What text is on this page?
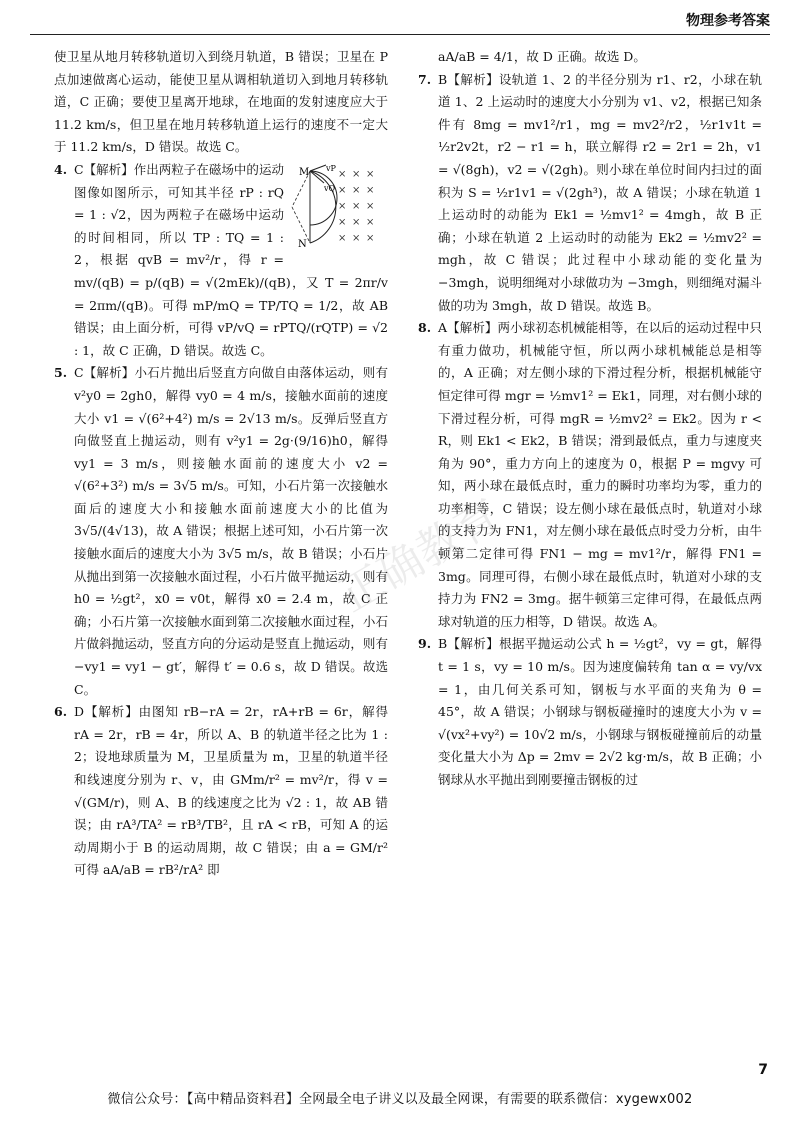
物理参考答案
正确教育

使卫星从地月转移轨道切入到绕月轨道，B 错误；卫星在 P 点加速做离心运动，能使卫星从调相轨道切入到地月转移轨道，C 正确；要使卫星离开地球，在地面的发射速度应大于 11.2 km/s，但卫星在地月转移轨道上运行的速度不一定大于 11.2 km/s，D 错误。故选 C。

4.	M
N
vP
vQ
× × ×
× × ×
× × ×
× × ×
× × ×

C【解析】作出两粒子在磁场中的运动图像如图所示，可知其半径 rP : rQ = 1 : √2，因为两粒子在磁场中运动的时间相同，所以 TP : TQ = 1 : 2，根据 qvB = mv²/r，得 r = mv/(qB) = p/(qB) = √(2mEk)/(qB)，又 T = 2πr/v = 2πm/(qB)。可得 mP/mQ = TP/TQ = 1/2，故 AB 错误；由上面分析，可得 vP/vQ = rPTQ/(rQTP) = √2 : 1，故 C 正确，D 错误。故选 C。

5. C【解析】小石片抛出后竖直方向做自由落体运动，则有 v²y0 = 2gh0，解得 vy0 = 4 m/s，接触水面前的速度大小 v1 = √(6²+4²) m/s = 2√13 m/s。反弹后竖直方向做竖直上抛运动，则有 v²y1 = 2g·(9/16)h0，解得 vy1 = 3 m/s，则接触水面前的速度大小 v2 = √(6²+3²) m/s = 3√5 m/s。可知，小石片第一次接触水面后的速度大小和接触水面前速度大小的比值为 3√5/(4√13)，故 A 错误；根据上述可知，小石片第一次接触水面后的速度大小为 3√5 m/s，故 B 错误；小石片从抛出到第一次接触水面过程，小石片做平抛运动，则有 h0 = ½gt²，x0 = v0t，解得 x0 = 2.4 m，故 C 正确；小石片第一次接触水面到第二次接触水面过程，小石片做斜抛运动，竖直方向的分运动是竖直上抛运动，则有 −vy1 = vy1 − gt′，解得 t′ = 0.6 s，故 D 错误。故选 C。

6. D【解析】由图知 rB−rA = 2r，rA+rB = 6r，解得 rA = 2r，rB = 4r，所以 A、B 的轨道半径之比为 1 : 2；设地球质量为 M，卫星质量为 m，卫星的轨道半径和线速度分别为 r、v，由 GMm/r² = mv²/r，得 v = √(GM/r)，则 A、B 的线速度之比为 √2 : 1，故 AB 错误；由 rA³/TA² = rB³/TB²，且 rA < rB，可知 A 的运动周期小于 B 的运动周期，故 C 错误；由 a = GM/r² 可得 aA/aB = rB²/rA² 即

aA/aB = 4/1，故 D 正确。故选 D。

7. B【解析】设轨道 1、2 的半径分别为 r1、r2，小球在轨道 1、2 上运动时的速度大小分别为 v1、v2，根据已知条件有 8mg = mv1²/r1，mg = mv2²/r2，½r1v1t = ½r2v2t，r2 − r1 = h，联立解得 r2 = 2r1 = 2h，v1 = √(8gh)，v2 = √(2gh)。则小球在单位时间内扫过的面积为 S = ½r1v1 = √(2gh³)，故 A 错误；小球在轨道 1 上运动时的动能为 Ek1 = ½mv1² = 4mgh，故 B 正确；小球在轨道 2 上运动时的动能为 Ek2 = ½mv2² = mgh，故 C 错误；此过程中小球动能的变化量为 −3mgh，说明细绳对小球做功为 −3mgh，则细绳对漏斗做的功为 3mgh，故 D 错误。故选 B。

8. A【解析】两小球初态机械能相等，在以后的运动过程中只有重力做功，机械能守恒，所以两小球机械能总是相等的，A 正确；对左侧小球的下滑过程分析，根据机械能守恒定律可得 mgr = ½mv1² = Ek1，同理，对右侧小球的下滑过程分析，可得 mgR = ½mv2² = Ek2。因为 r < R，则 Ek1 < Ek2，B 错误；滑到最低点，重力与速度夹角为 90°，重力方向上的速度为 0，根据 P = mgvy 可知，两小球在最低点时，重力的瞬时功率均为零，重力的功率相等，C 错误；设左侧小球在最低点时，轨道对小球的支持力为 FN1，对左侧小球在最低点时受力分析，由牛顿第二定律可得 FN1 − mg = mv1²/r，解得 FN1 = 3mg。同理可得，右侧小球在最低点时，轨道对小球的支持力为 FN2 = 3mg。据牛顿第三定律可得，在最低点两球对轨道的压力相等，D 错误。故选 A。

9. B【解析】根据平抛运动公式 h = ½gt²，vy = gt，解得 t = 1 s，vy = 10 m/s。因为速度偏转角 tan α = vy/vx = 1，由几何关系可知，钢板与水平面的夹角为 θ = 45°，故 A 错误；小钢球与钢板碰撞时的速度大小为 v = √(vx²+vy²) = 10√2 m/s，小钢球与钢板碰撞前后的动量变化量大小为 Δp = 2mv = 2√2 kg·m/s，故 B 正确；小钢球从水平抛出到刚要撞击钢板的过

7
微信公众号：【高中精品资料君】全网最全电子讲义以及最全网课，有需要的联系微信：xygewx002
